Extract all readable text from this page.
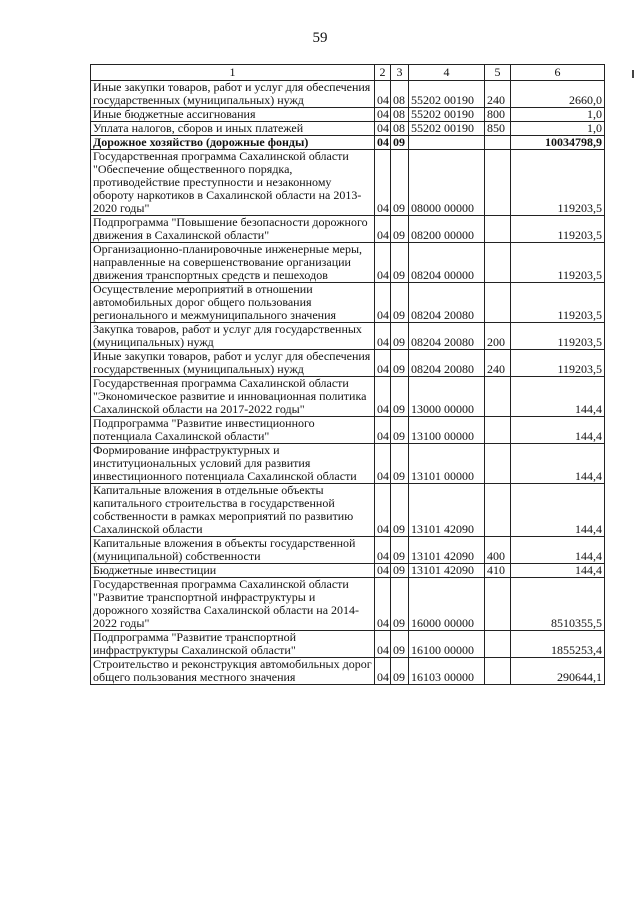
59
1	2	3	4	5	6
Иные закупки товаров, работ и услуг для обеспечения государственных (муниципальных) нужд	04	08	55202 00190	240	2660,0
Иные бюджетные ассигнования	04	08	55202 00190	800	1,0
Уплата налогов, сборов и иных платежей	04	08	55202 00190	850	1,0
Дорожное хозяйство (дорожные фонды)	04	09			10034798,9
Государственная программа Сахалинской области "Обеспечение общественного порядка, противодействие преступности и незаконному обороту наркотиков в Сахалинской области на 2013-2020 годы"	04	09	08000 00000		119203,5
Подпрограмма "Повышение безопасности дорожного движения в Сахалинской области"	04	09	08200 00000		119203,5
Организационно-планировочные инженерные меры, направленные на совершенствование организации движения транспортных средств и пешеходов	04	09	08204 00000		119203,5
Осуществление мероприятий в отношении автомобильных дорог общего пользования регионального и межмуниципального значения	04	09	08204 20080		119203,5
Закупка товаров, работ и услуг для государственных (муниципальных) нужд	04	09	08204 20080	200	119203,5
Иные закупки товаров, работ и услуг для обеспечения государственных (муниципальных) нужд	04	09	08204 20080	240	119203,5
Государственная программа Сахалинской области "Экономическое развитие и инновационная политика Сахалинской области на 2017-2022 годы"	04	09	13000 00000		144,4
Подпрограмма "Развитие инвестиционного потенциала Сахалинской области"	04	09	13100 00000		144,4
Формирование инфраструктурных и институциональных условий для развития инвестиционного потенциала Сахалинской области	04	09	13101 00000		144,4
Капитальные вложения в отдельные объекты капитального строительства в государственной собственности в рамках мероприятий по развитию Сахалинской области	04	09	13101 42090		144,4
Капитальные вложения в объекты государственной (муниципальной) собственности	04	09	13101 42090	400	144,4
Бюджетные инвестиции	04	09	13101 42090	410	144,4
Государственная программа Сахалинской области "Развитие транспортной инфраструктуры и дорожного хозяйства Сахалинской области на 2014-2022 годы"	04	09	16000 00000		8510355,5
Подпрограмма "Развитие транспортной инфраструктуры Сахалинской области"	04	09	16100 00000		1855253,4
Строительство и реконструкция автомобильных дорог общего пользования местного значения	04	09	16103 00000		290644,1
